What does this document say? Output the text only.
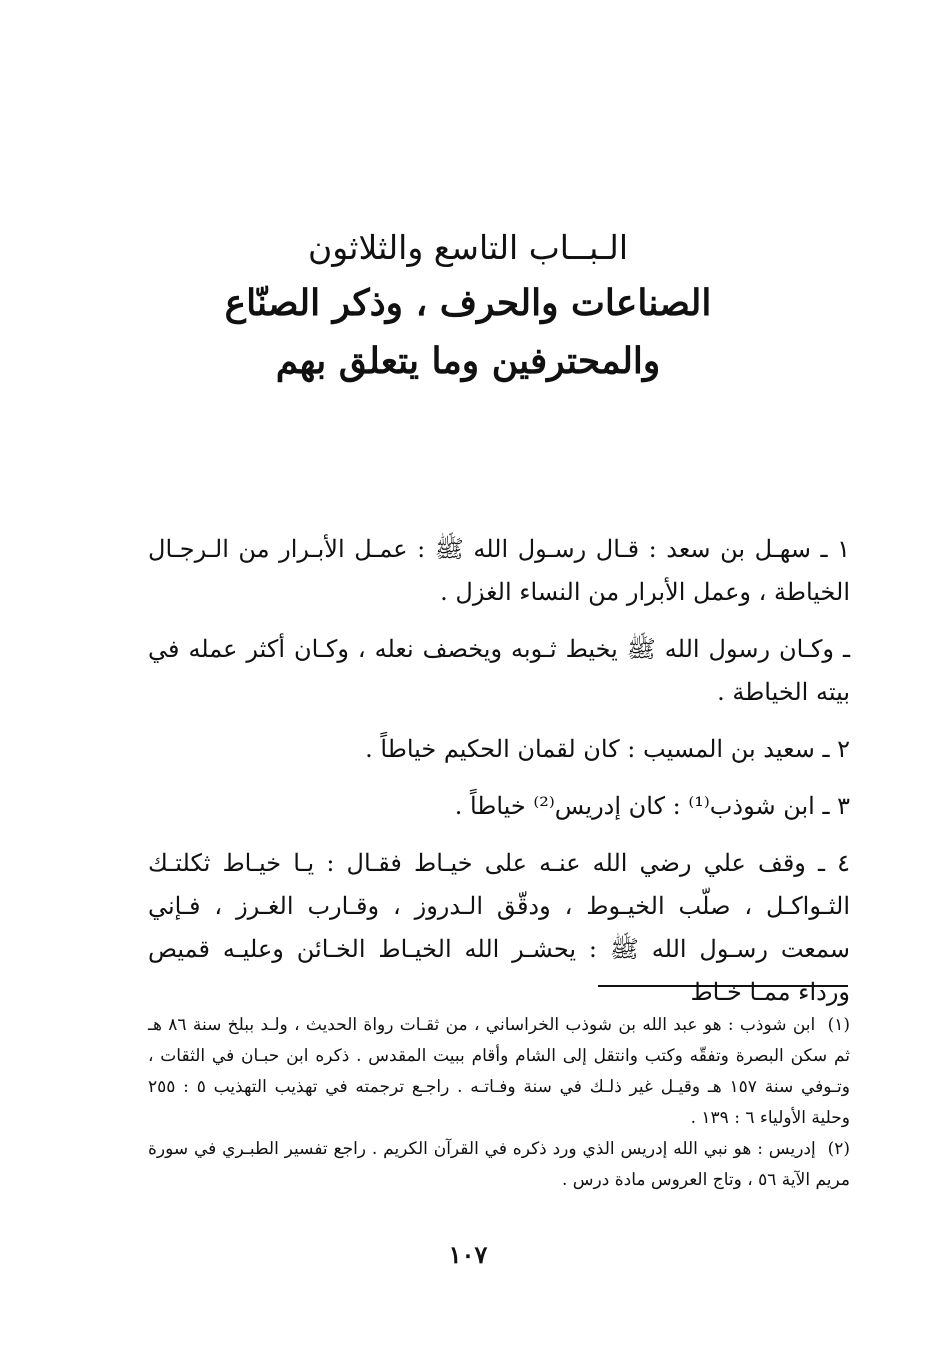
الـبــاب التاسع والثلاثون
الصناعات والحرف ، وذكر الصنّاع
والمحترفين وما يتعلق بهم

١ ـ سهـل بن سعد : قـال رسـول الله ﷺ : عمـل الأبـرار من الـرجـال الخياطة ، وعمل الأبرار من النساء الغزل .

ـ وكـان رسول الله ﷺ يخيط ثـوبه ويخصف نعله ، وكـان أكثر عمله في بيته الخياطة .

٢ ـ سعيد بن المسيب : كان لقمان الحكيم خياطاً .

٣ ـ ابن شوذب⁽¹⁾ : كان إدريس⁽²⁾ خياطاً .

٤ ـ وقف علي رضي الله عنـه على خيـاط فقـال : يـا خيـاط ثكلتـك الثـواكـل ، صلّب الخيـوط ، ودقّق الـدروز ، وقـارب الغـرز ، فـإني سمعت رسـول الله ﷺ : يحشـر الله الخيـاط الخـائن وعليـه قميص ورداء ممـا خـاط

(١) ابن شوذب : هو عبد الله بن شوذب الخراساني ، من ثقـات رواة الحديث ، ولـد ببلخ سنة ٨٦ هـ ثم سكن البصرة وتفقّه وكتب وانتقل إلى الشام وأقام ببيت المقدس . ذكره ابن حبـان في الثقات ، وتـوفي سنة ١٥٧ هـ وقيـل غير ذلـك في سنة وفـاتـه . راجـع ترجمته في تهذيب التهذيب ٥ : ٢٥٥ وحلية الأولياء ٦ : ١٣٩ .

(٢) إدريس : هو نبي الله إدريس الذي ورد ذكره في القرآن الكريم . راجع تفسير الطبـري في سورة مريم الآية ٥٦ ، وتاج العروس مادة درس .

١٠٧
